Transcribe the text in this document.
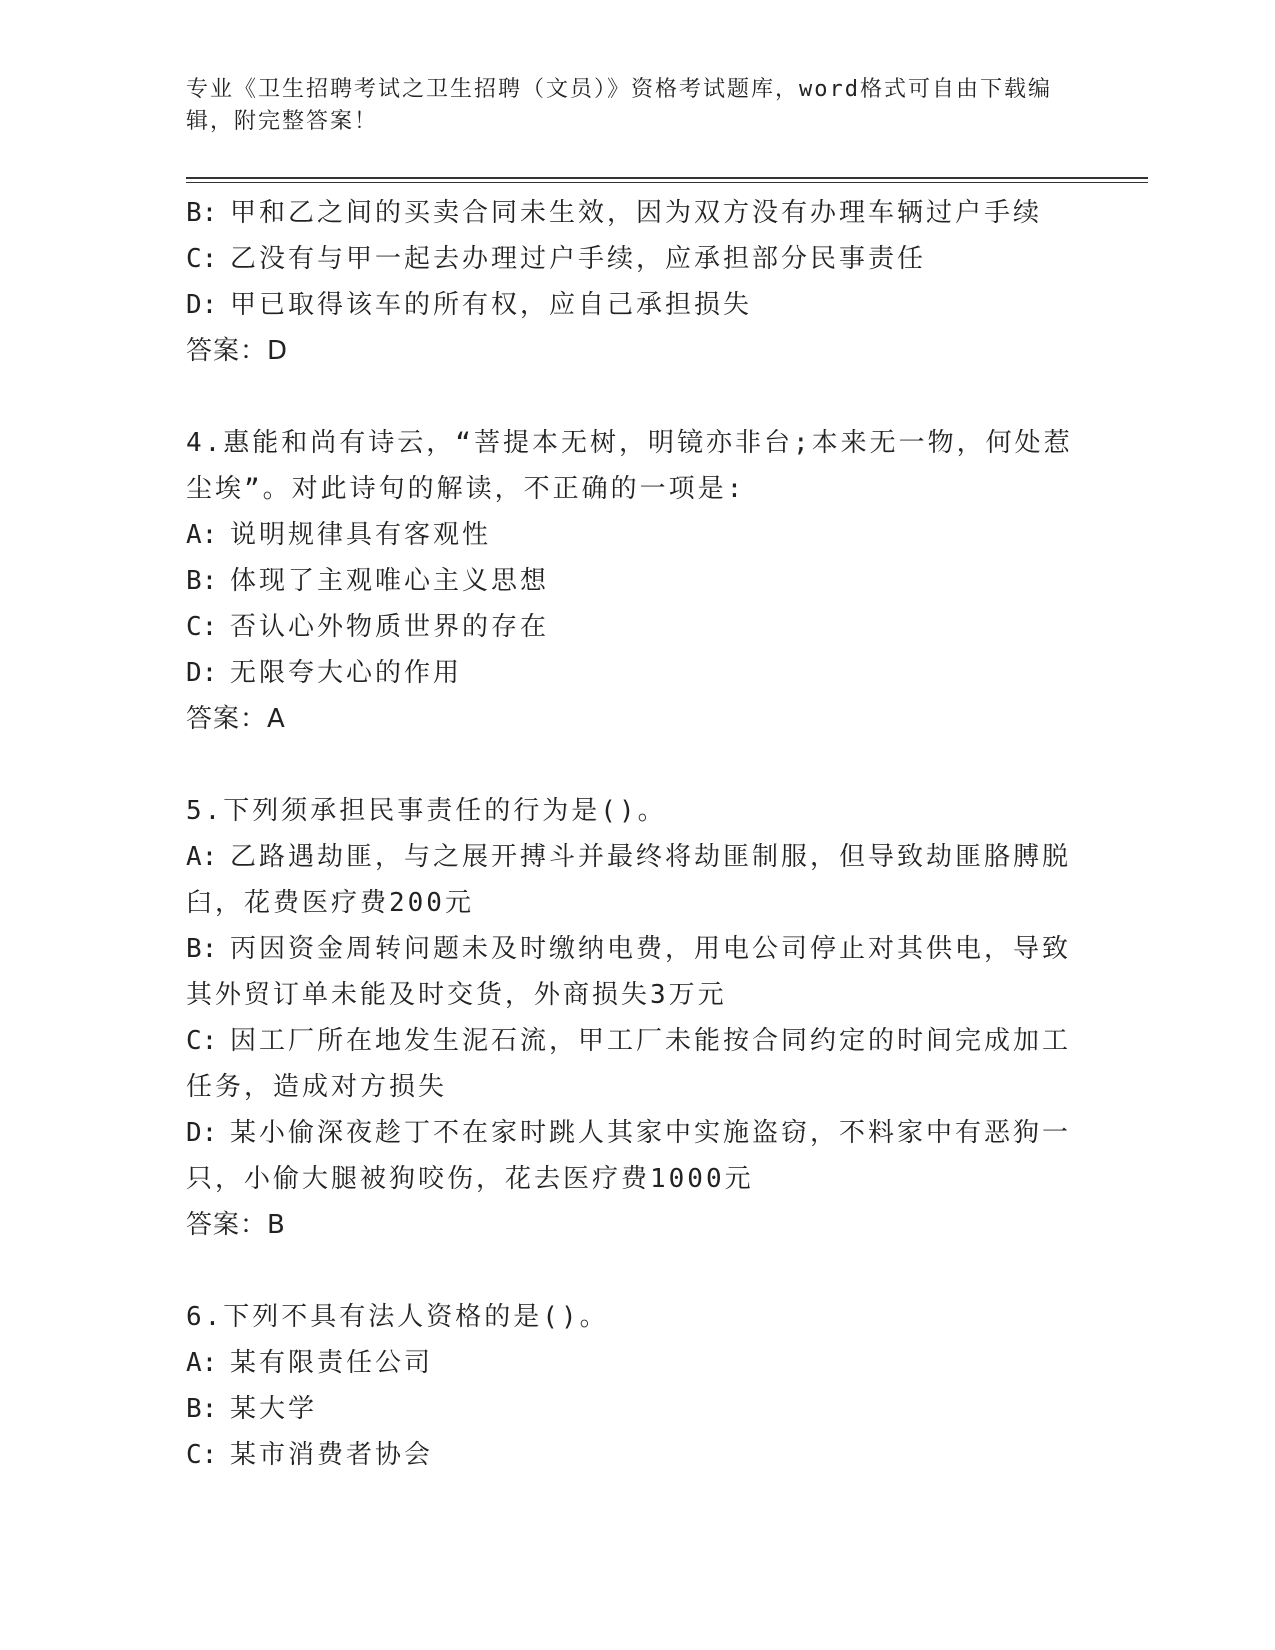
专业《卫生招聘考试之卫生招聘（文员）》资格考试题库，word格式可自由下载编辑，附完整答案！
B: 甲和乙之间的买卖合同未生效，因为双方没有办理车辆过户手续
C: 乙没有与甲一起去办理过户手续，应承担部分民事责任
D: 甲已取得该车的所有权，应自己承担损失
答案：D
4.惠能和尚有诗云，“菩提本无树，明镜亦非台;本来无一物，何处惹尘埃”。对此诗句的解读，不正确的一项是:
A: 说明规律具有客观性
B: 体现了主观唯心主义思想
C: 否认心外物质世界的存在
D: 无限夸大心的作用
答案：A
5.下列须承担民事责任的行为是()。
A: 乙路遇劫匪，与之展开搏斗并最终将劫匪制服，但导致劫匪胳膊脱臼，花费医疗费200元
B: 丙因资金周转问题未及时缴纳电费，用电公司停止对其供电，导致其外贸订单未能及时交货，外商损失3万元
C: 因工厂所在地发生泥石流，甲工厂未能按合同约定的时间完成加工任务，造成对方损失
D: 某小偷深夜趁丁不在家时跳人其家中实施盗窃，不料家中有恶狗一只，小偷大腿被狗咬伤，花去医疗费1000元
答案：B
6.下列不具有法人资格的是()。
A: 某有限责任公司
B: 某大学
C: 某市消费者协会
